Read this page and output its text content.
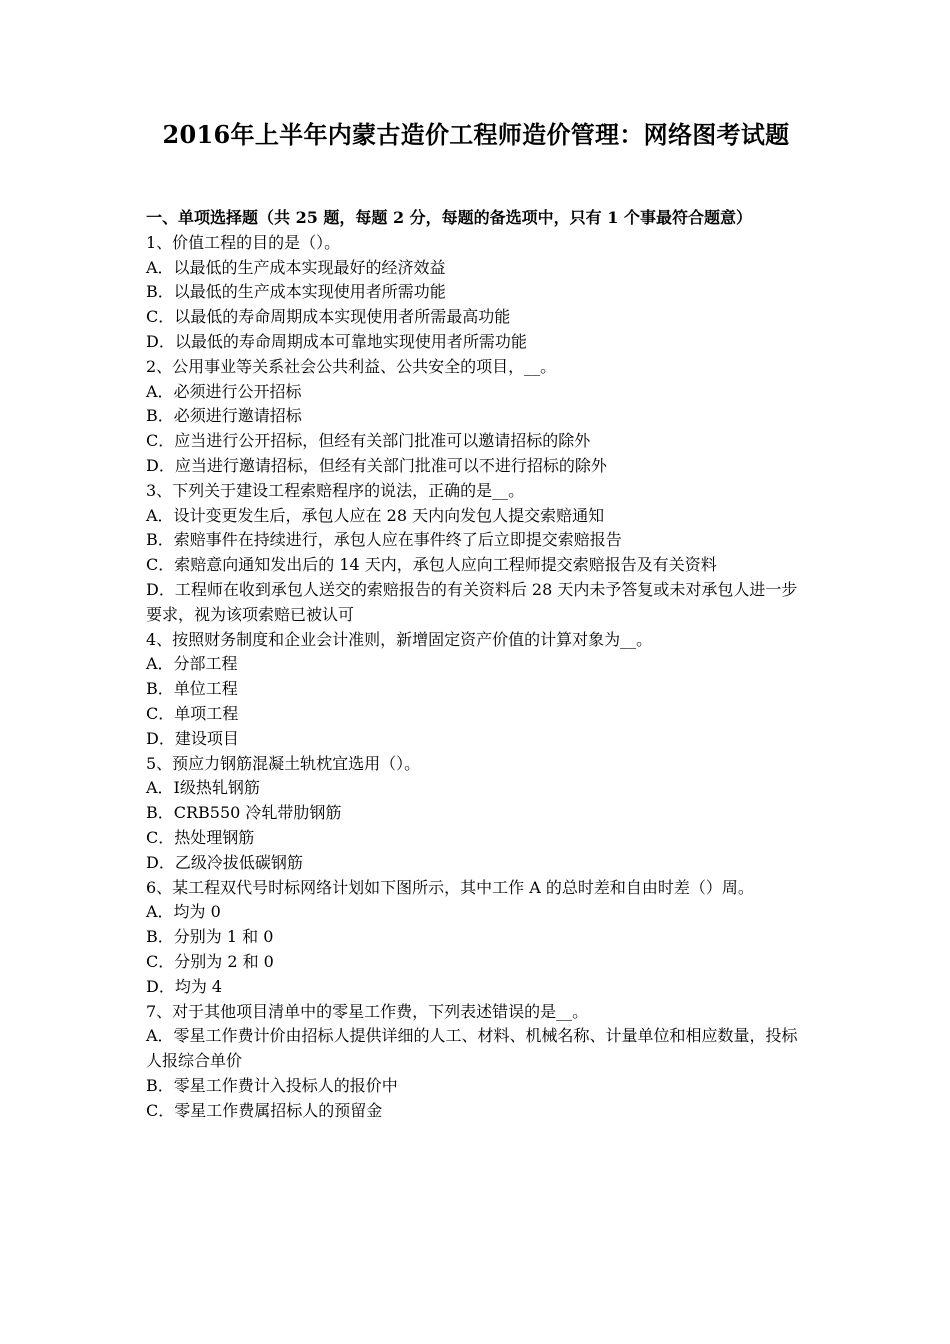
2016年上半年内蒙古造价工程师造价管理：网络图考试题

一、单项选择题（共 25 题，每题 2 分，每题的备选项中，只有 1 个事最符合题意）

1、价值工程的目的是（）。

A．以最低的生产成本实现最好的经济效益

B．以最低的生产成本实现使用者所需功能

C．以最低的寿命周期成本实现使用者所需最高功能

D．以最低的寿命周期成本可靠地实现使用者所需功能

2、公用事业等关系社会公共利益、公共安全的项目，__。

A．必须进行公开招标

B．必须进行邀请招标

C．应当进行公开招标，但经有关部门批准可以邀请招标的除外

D．应当进行邀请招标，但经有关部门批准可以不进行招标的除外

3、下列关于建设工程索赔程序的说法，正确的是__。

A．设计变更发生后，承包人应在 28 天内向发包人提交索赔通知

B．索赔事件在持续进行，承包人应在事件终了后立即提交索赔报告

C．索赔意向通知发出后的 14 天内，承包人应向工程师提交索赔报告及有关资料

D．工程师在收到承包人送交的索赔报告的有关资料后 28 天内未予答复或未对承包人进一步要求，视为该项索赔已被认可

4、按照财务制度和企业会计准则，新增固定资产价值的计算对象为__。

A．分部工程

B．单位工程

C．单项工程

D．建设项目

5、预应力钢筋混凝土轨枕宜选用（）。

A．Ⅰ级热轧钢筋

B．CRB550 冷轧带肋钢筋

C．热处理钢筋

D．乙级冷拔低碳钢筋

6、某工程双代号时标网络计划如下图所示，其中工作 A 的总时差和自由时差（）周。

A．均为 0

B．分别为 1 和 0

C．分别为 2 和 0

D．均为 4

7、对于其他项目清单中的零星工作费，下列表述错误的是__。

A．零星工作费计价由招标人提供详细的人工、材料、机械名称、计量单位和相应数量，投标人报综合单价

B．零星工作费计入投标人的报价中

C．零星工作费属招标人的预留金
